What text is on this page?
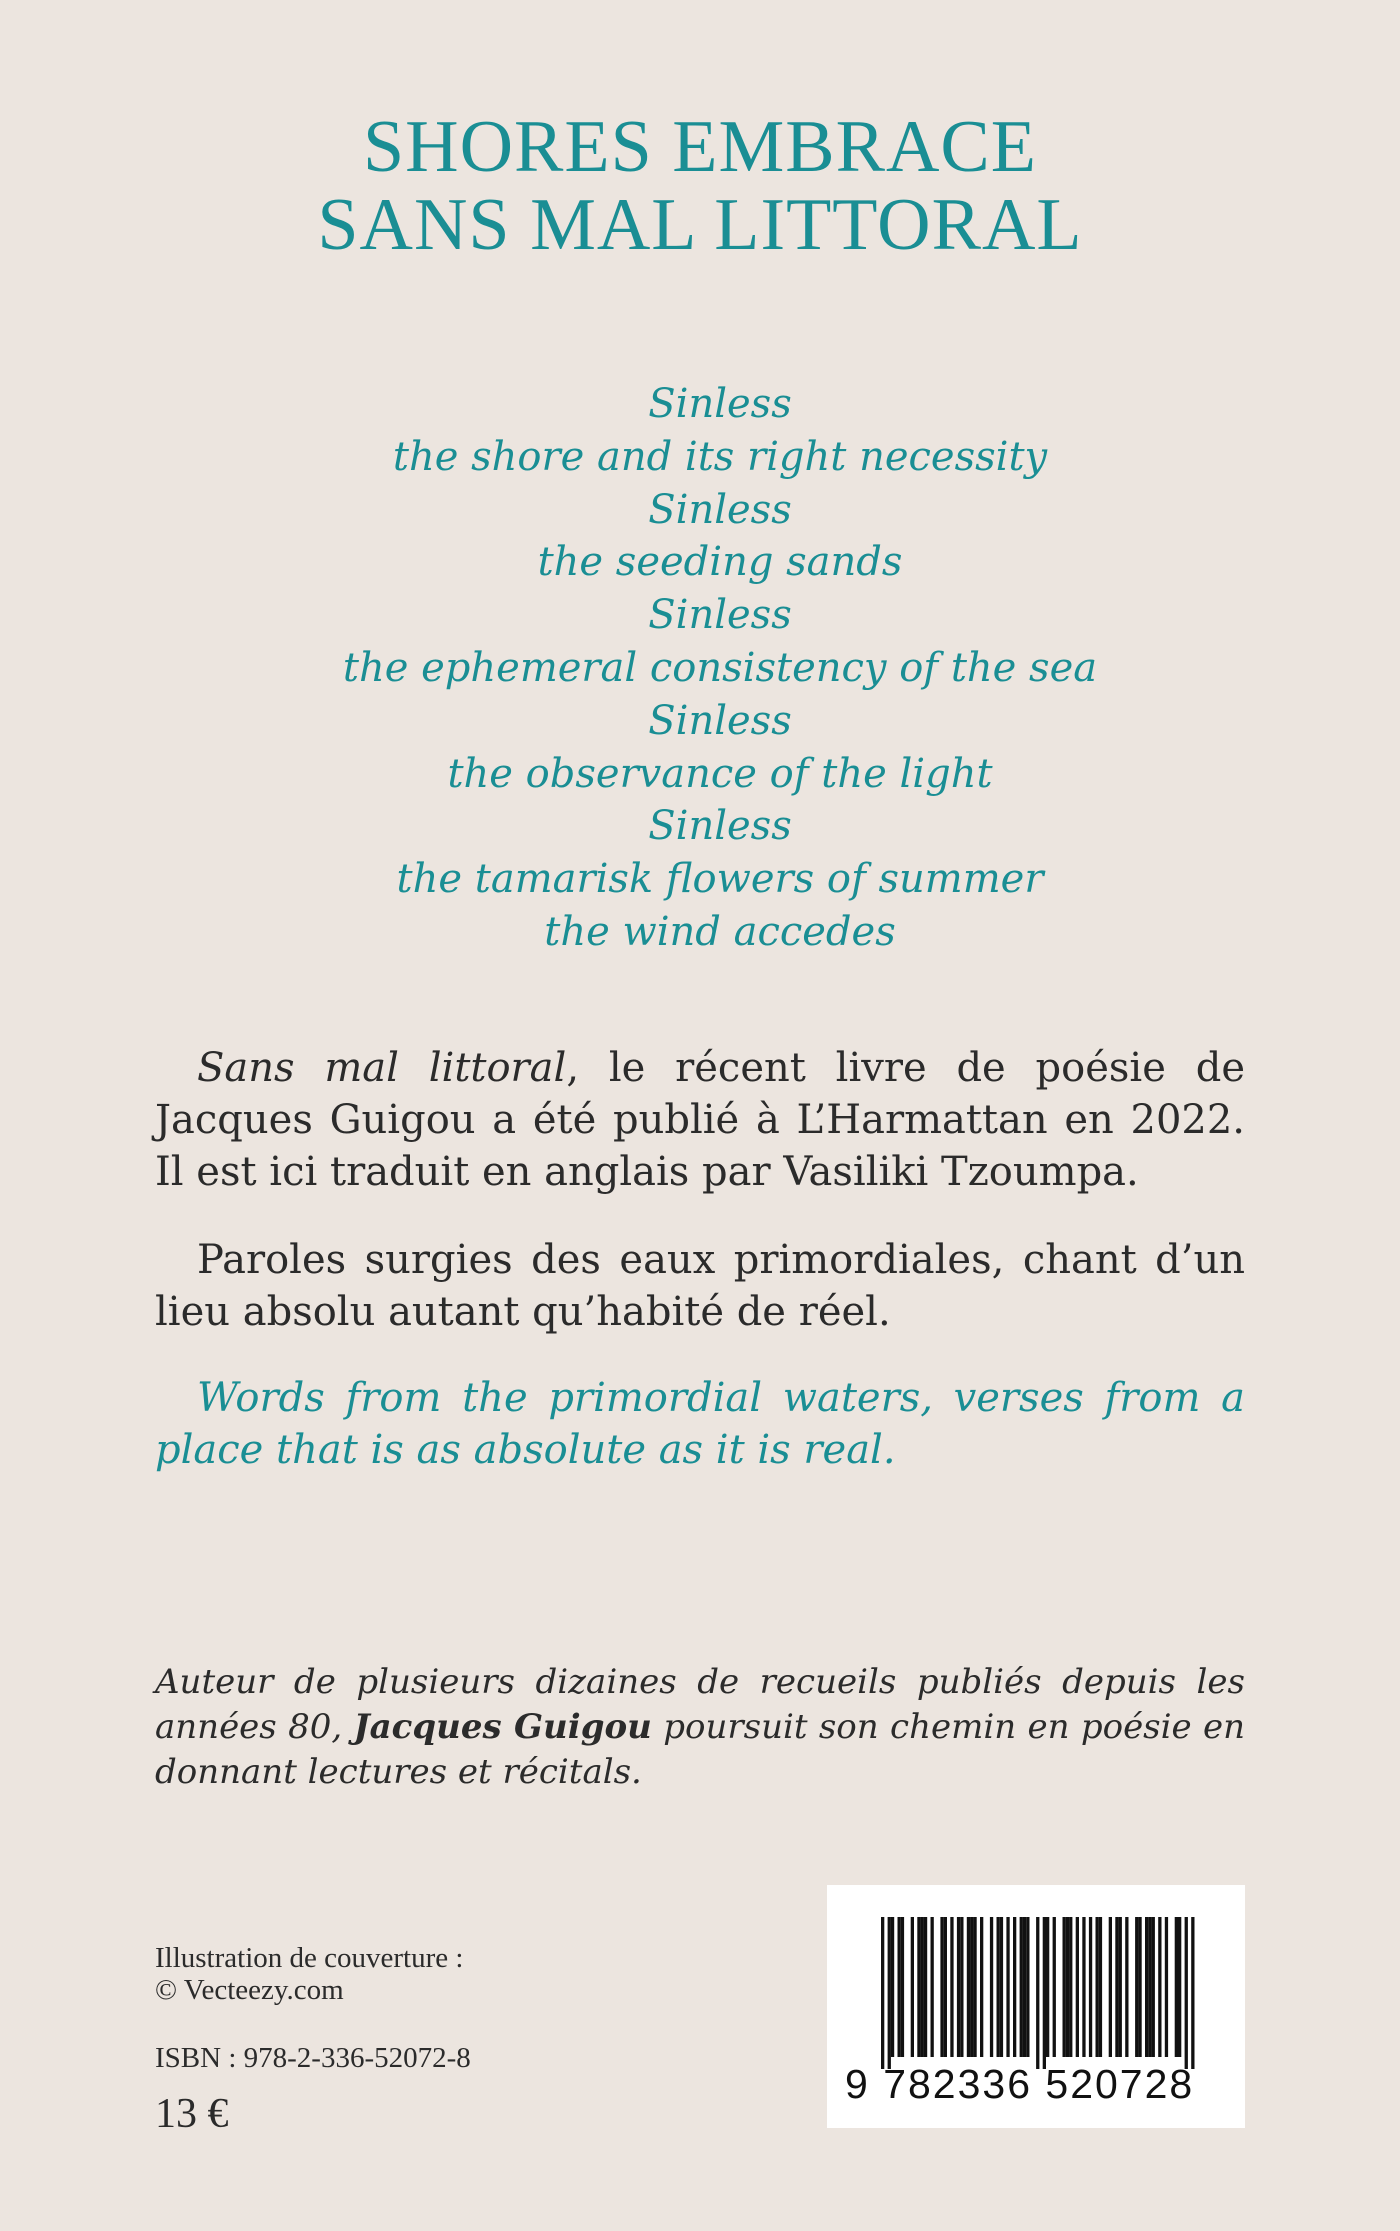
SHORES EMBRACE
SANS MAL LITTORAL
Sinless
the shore and its right necessity
Sinless
the seeding sands
Sinless
the ephemeral consistency of the sea
Sinless
the observance of the light
Sinless
the tamarisk flowers of summer
the wind accedes

Sans mal littoral, le récent livre de poésie de Jacques Guigou a été publié à L’Harmattan en 2022. Il est ici traduit en anglais par Vasiliki Tzoumpa.

Paroles surgies des eaux primordiales, chant d’un lieu absolu autant qu’habité de réel.

Words from the primordial waters, verses from a place that is as absolute as it is real.

Auteur de plusieurs dizaines de recueils publiés depuis les années 80, Jacques Guigou poursuit son chemin en poésie en donnant lectures et récitals.
Illustration de couverture :
© Vecteezy.com
ISBN : 978-2-336-52072-8
13 €
9 782336 520728
